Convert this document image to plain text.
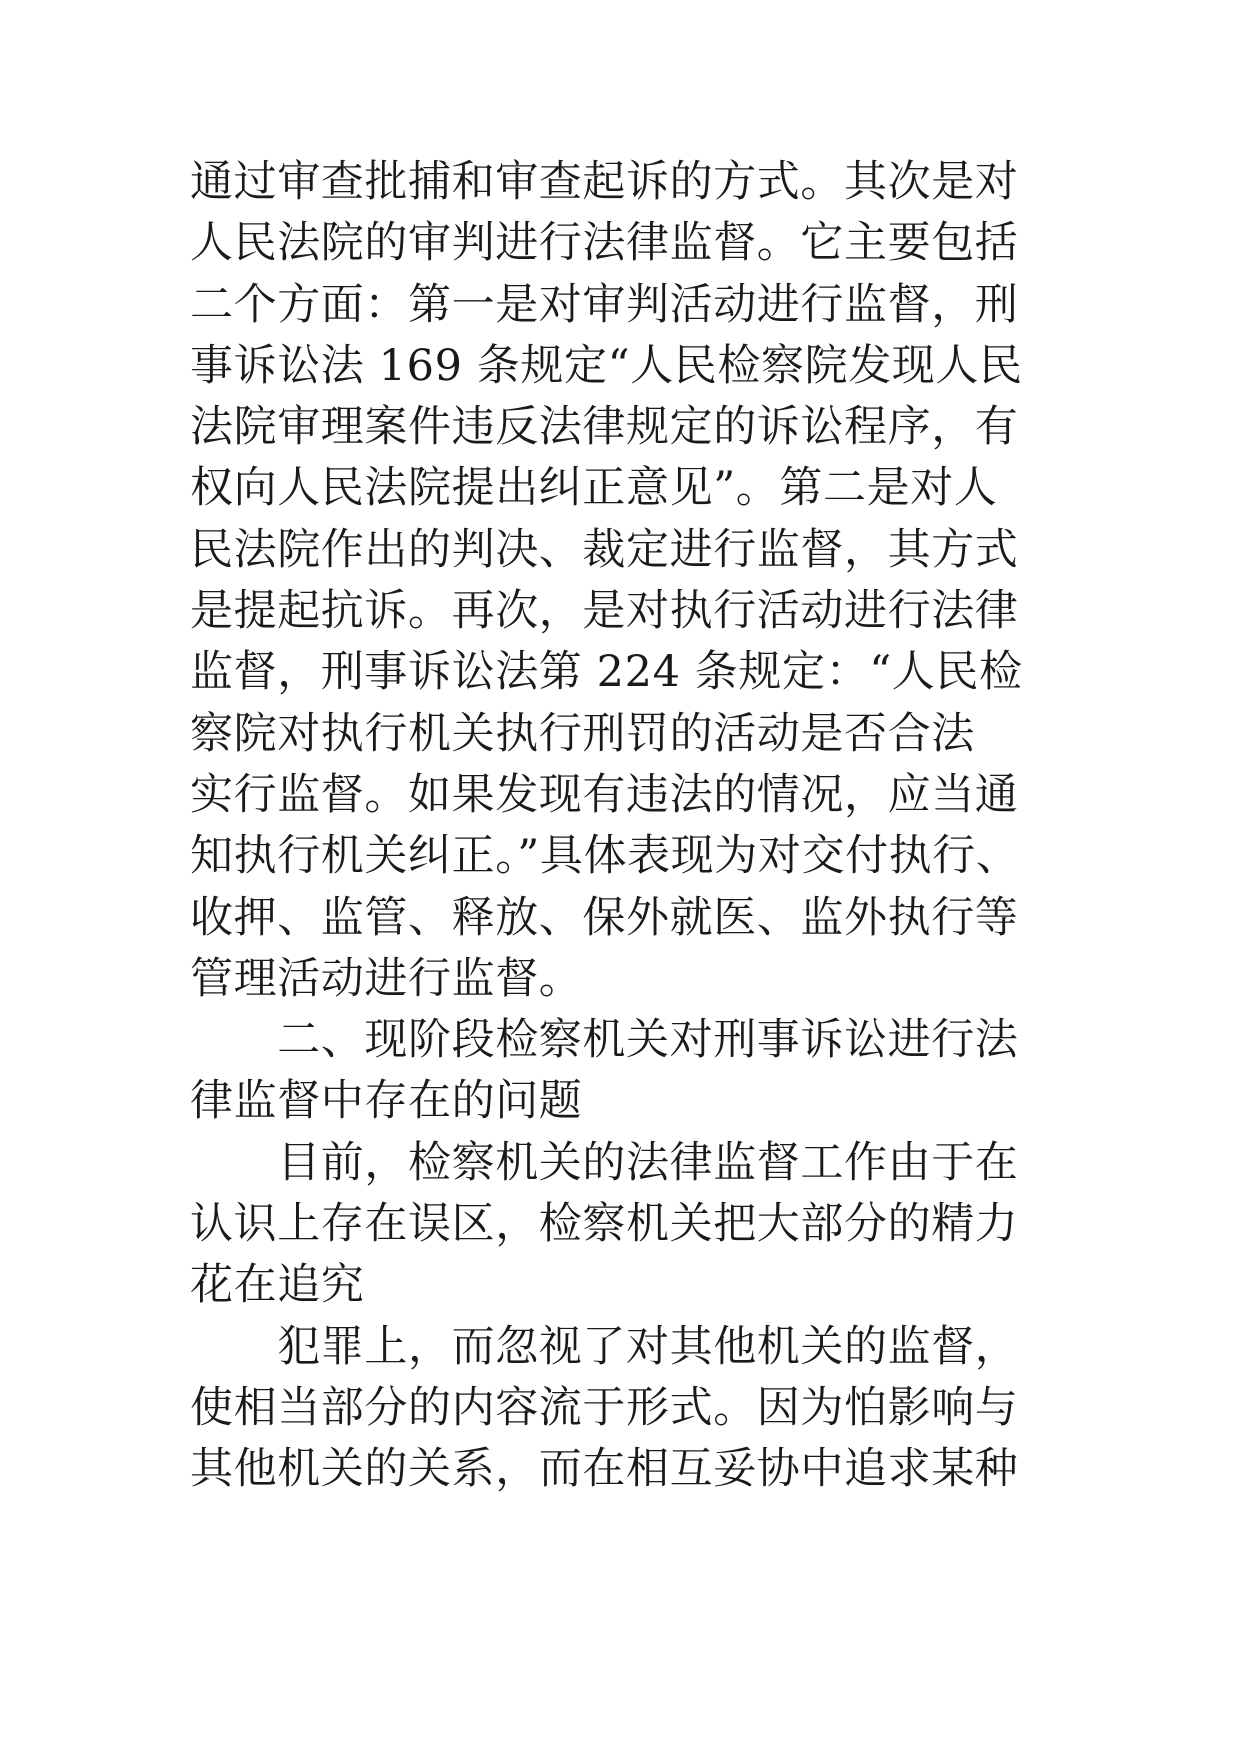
通过审查批捕和审查起诉的方式。其次是对
人民法院的审判进行法律监督。它主要包括
二个方面：第一是对审判活动进行监督，刑
事诉讼法 169 条规定“人民检察院发现人民
法院审理案件违反法律规定的诉讼程序，有
权向人民法院提出纠正意见”。第二是对人
民法院作出的判决、裁定进行监督，其方式
是提起抗诉。再次，是对执行活动进行法律
监督，刑事诉讼法第 224 条规定：“人民检
察院对执行机关执行刑罚的活动是否合法
实行监督。如果发现有违法的情况，应当通
知执行机关纠正。”具体表现为对交付执行、
收押、监管、释放、保外就医、监外执行等
管理活动进行监督。
　　二、现阶段检察机关对刑事诉讼进行法
律监督中存在的问题
　　目前，检察机关的法律监督工作由于在
认识上存在误区，检察机关把大部分的精力
花在追究
　　犯罪上，而忽视了对其他机关的监督，
使相当部分的内容流于形式。因为怕影响与
其他机关的关系，而在相互妥协中追求某种
